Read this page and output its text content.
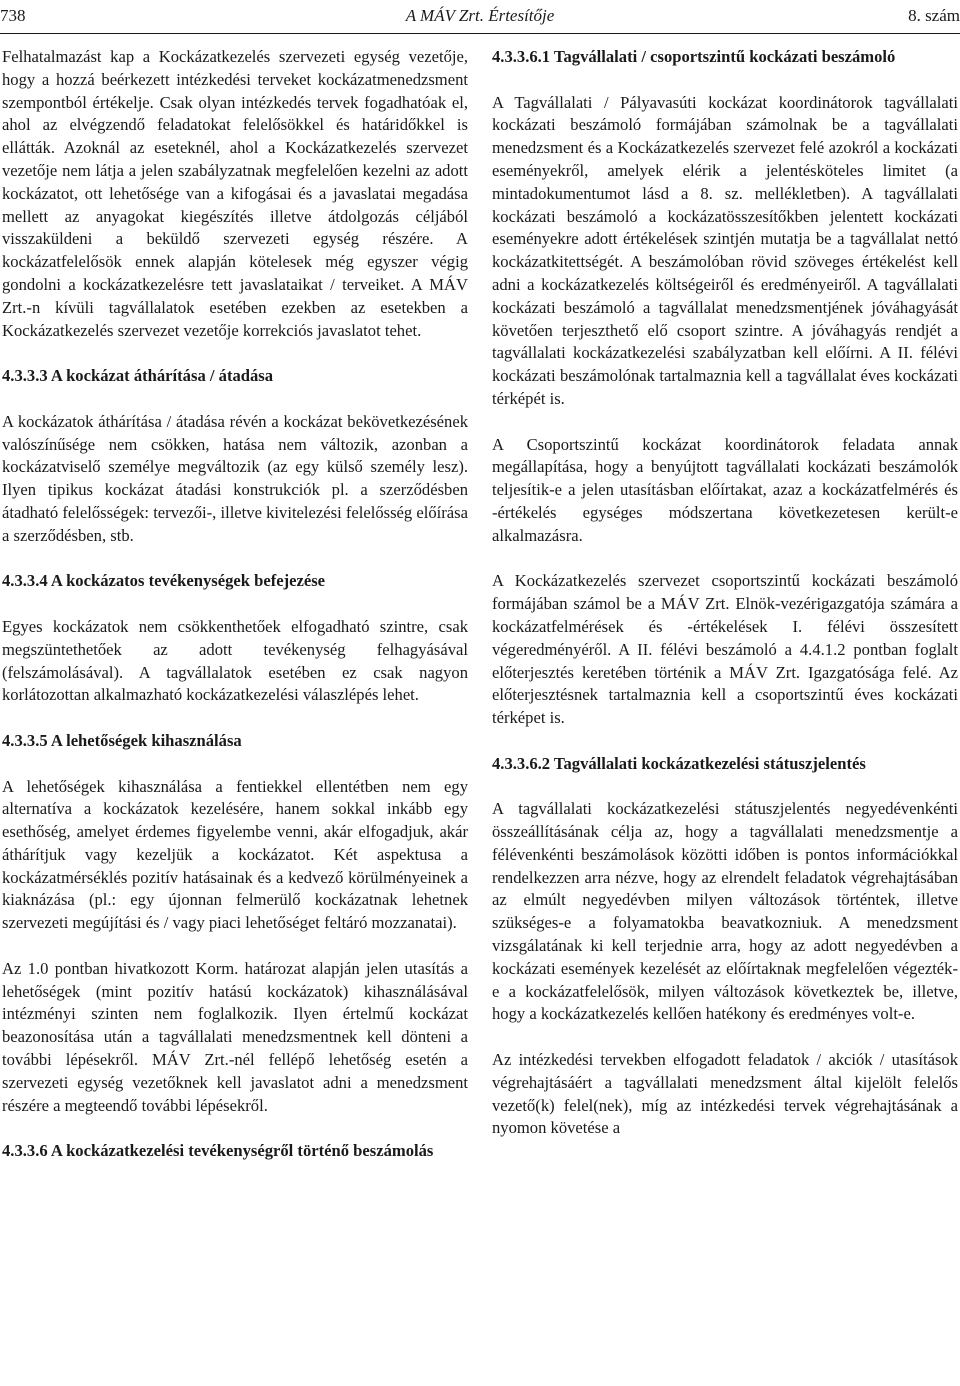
738	A MÁV Zrt. Értesítője	8. szám

Felhatalmazást kap a Kockázatkezelés szervezeti egység vezetője, hogy a hozzá beérkezett intézkedési terveket kockázatmenedzsment szempontból értékelje. Csak olyan intézkedés tervek fogadhatóak el, ahol az elvégzendő feladatokat felelősökkel és határidőkkel is ellátták. Azoknál az eseteknél, ahol a Kockázatkezelés szervezet vezetője nem látja a jelen szabályzatnak megfelelően kezelni az adott kockázatot, ott lehetősége van a kifogásai és a javaslatai megadása mellett az anyagokat kiegészítés illetve átdolgozás céljából visszaküldeni a beküldő szervezeti egység részére. A kockázatfelelősök ennek alapján kötelesek még egyszer végig gondolni a kockázatkezelésre tett javaslataikat / terveiket. A MÁV Zrt.-n kívüli tagvállalatok esetében ezekben az esetekben a Kockázatkezelés szervezet vezetője korrekciós javaslatot tehet.

4.3.3.3 A kockázat áthárítása / átadása

A kockázatok áthárítása / átadása révén a kockázat bekövetkezésének valószínűsége nem csökken, hatása nem változik, azonban a kockázatviselő személye megváltozik (az egy külső személy lesz). Ilyen tipikus kockázat átadási konstrukciók pl. a szerződésben átadható felelősségek: tervezői-, illetve kivitelezési felelősség előírása a szerződésben, stb.

4.3.3.4 A kockázatos tevékenységek befejezése

Egyes kockázatok nem csökkenthetőek elfogadható szintre, csak megszüntethetőek az adott tevékenység felhagyásával (felszámolásával). A tagvállalatok esetében ez csak nagyon korlátozottan alkalmazható kockázatkezelési válaszlépés lehet.

4.3.3.5 A lehetőségek kihasználása

A lehetőségek kihasználása a fentiekkel ellentétben nem egy alternatíva a kockázatok kezelésére, hanem sokkal inkább egy esethőség, amelyet érdemes figyelembe venni, akár elfogadjuk, akár áthárítjuk vagy kezeljük a kockázatot. Két aspektusa a kockázatmérséklés pozitív hatásainak és a kedvező körülményeinek a kiaknázása (pl.: egy újonnan felmerülő kockázatnak lehetnek szervezeti megújítási és / vagy piaci lehetőséget feltáró mozzanatai).

Az 1.0 pontban hivatkozott Korm. határozat alapján jelen utasítás a lehetőségek (mint pozitív hatású kockázatok) kihasználásával intézményi szinten nem foglalkozik. Ilyen értelmű kockázat beazonosítása után a tagvállalati menedzsmentnek kell dönteni a további lépésekről. MÁV Zrt.-nél fellépő lehetőség esetén a szervezeti egység vezetőknek kell javaslatot adni a menedzsment részére a megteendő további lépésekről.

4.3.3.6 A kockázatkezelési tevékenységről történő beszámolás
4.3.3.6.1 Tagvállalati / csoportszintű kockázati beszámoló

A Tagvállalati / Pályavasúti kockázat koordinátorok tagvállalati kockázati beszámoló formájában számolnak be a tagvállalati menedzsment és a Kockázatkezelés szervezet felé azokról a kockázati eseményekről, amelyek elérik a jelentésköteles limitet (a mintadokumentumot lásd a 8. sz. mellékletben). A tagvállalati kockázati beszámoló a kockázatösszesítőkben jelentett kockázati eseményekre adott értékelések szintjén mutatja be a tagvállalat nettó kockázatkitettségét. A beszámolóban rövid szöveges értékelést kell adni a kockázatkezelés költségeiről és eredményeiről. A tagvállalati kockázati beszámoló a tagvállalat menedzsmentjének jóváhagyását követően terjeszthető elő csoport szintre. A jóváhagyás rendjét a tagvállalati kockázatkezelési szabályzatban kell előírni. A II. félévi kockázati beszámolónak tartalmaznia kell a tagvállalat éves kockázati térképét is.

A Csoportszintű kockázat koordinátorok feladata annak megállapítása, hogy a benyújtott tagvállalati kockázati beszámolók teljesítik-e a jelen utasításban előírtakat, azaz a kockázatfelmérés és -értékelés egységes módszertana következetesen került-e alkalmazásra.

A Kockázatkezelés szervezet csoportszintű kockázati beszámoló formájában számol be a MÁV Zrt. Elnök-vezérigazgatója számára a kockázatfelmérések és -értékelések I. félévi összesített végeredményéről. A II. félévi beszámoló a 4.4.1.2 pontban foglalt előterjesztés keretében történik a MÁV Zrt. Igazgatósága felé. Az előterjesztésnek tartalmaznia kell a csoportszintű éves kockázati térképet is.

4.3.3.6.2 Tagvállalati kockázatkezelési státuszjelentés

A tagvállalati kockázatkezelési státuszjelentés negyedévenkénti összeállításának célja az, hogy a tagvállalati menedzsmentje a félévenkénti beszámolások közötti időben is pontos információkkal rendelkezzen arra nézve, hogy az elrendelt feladatok végrehajtásában az elmúlt negyedévben milyen változások történtek, illetve szükséges-e a folyamatokba beavatkozniuk. A menedzsment vizsgálatának ki kell terjednie arra, hogy az adott negyedévben a kockázati események kezelését az előírtaknak megfelelően végezték-e a kockázatfelelősök, milyen változások következtek be, illetve, hogy a kockázatkezelés kellően hatékony és eredményes volt-e.

Az intézkedési tervekben elfogadott feladatok / akciók / utasítások végrehajtásáért a tagvállalati menedzsment által kijelölt felelős vezető(k) felel(nek), míg az intézkedési tervek végrehajtásának a nyomon követése a
